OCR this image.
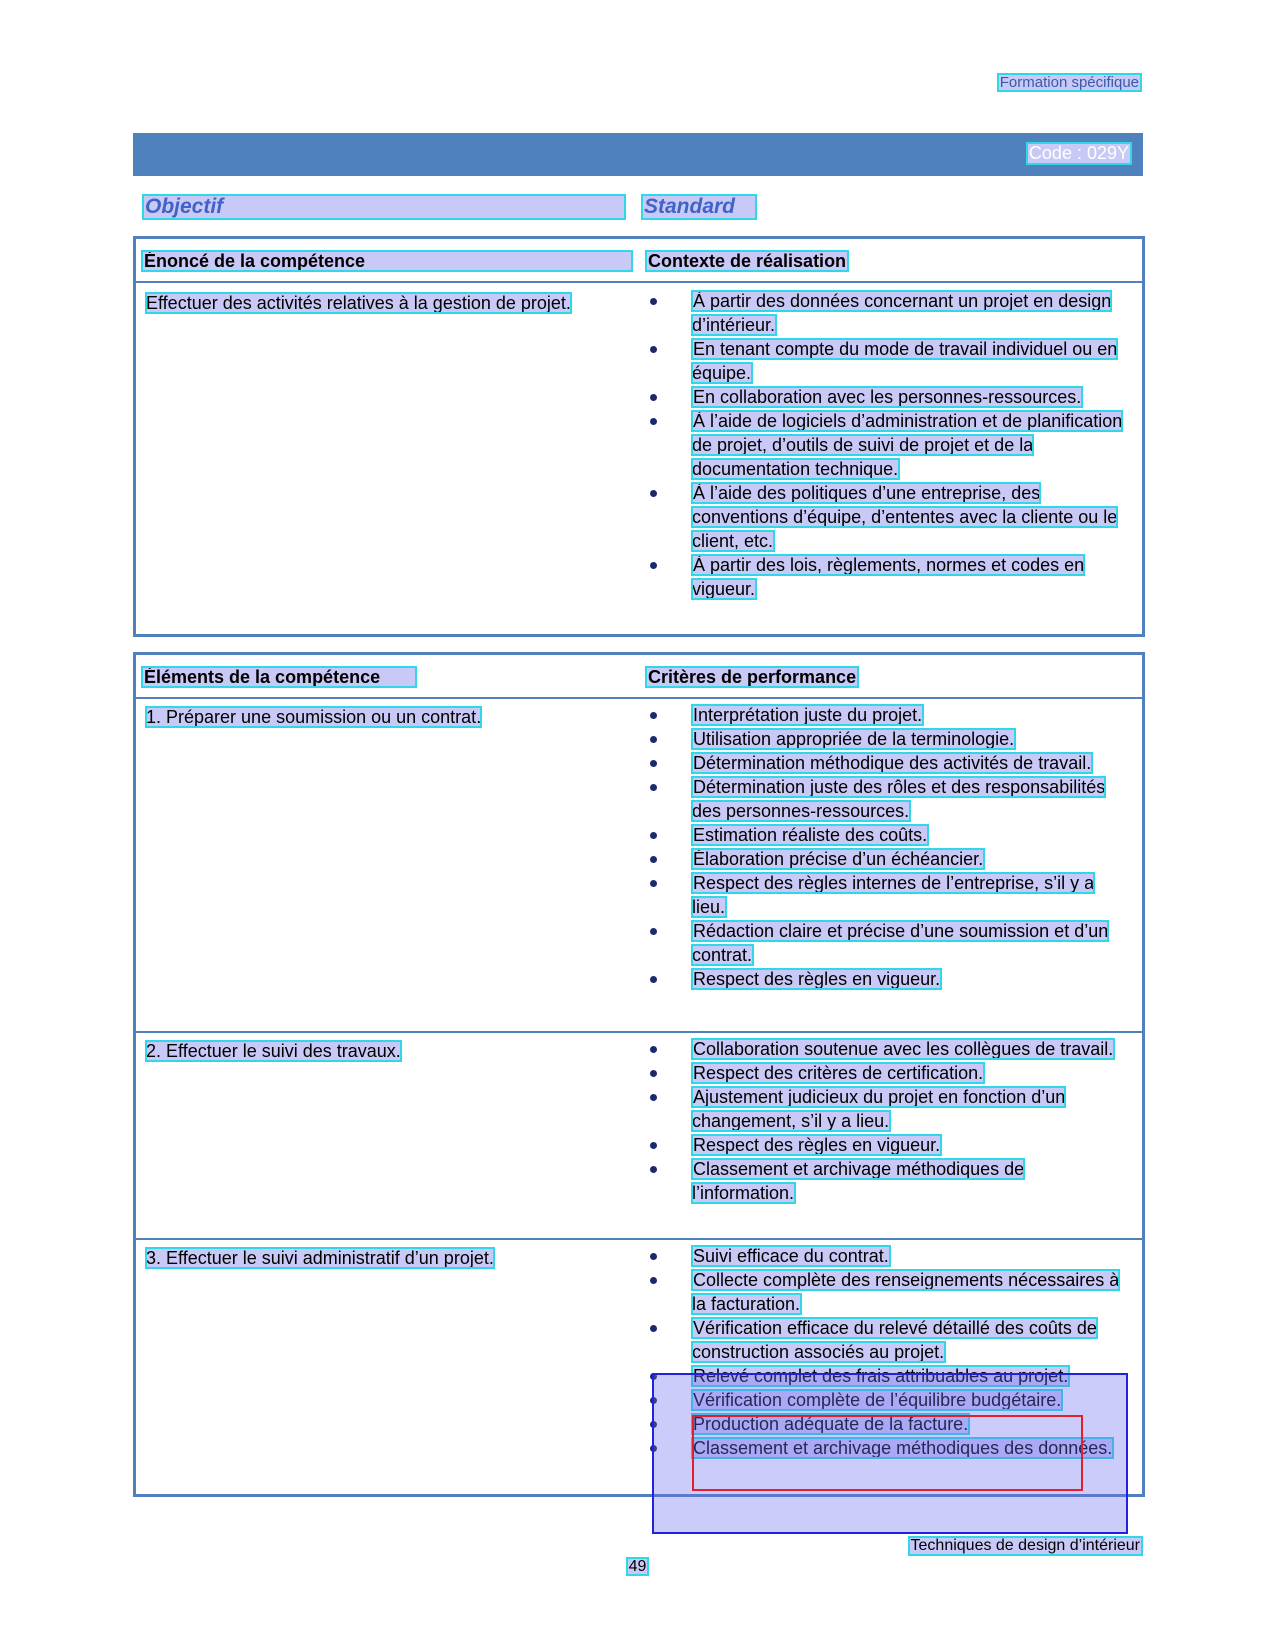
Formation spécifique
Code : 029Y
Objectif	Standard
Énoncé de la compétence	Contexte de réalisation
Effectuer des activités relatives à la gestion de projet.	À partir des données concernant un projet en design d’intérieur.
En tenant compte du mode de travail individuel ou en équipe.
En collaboration avec les personnes-ressources.
À l’aide de logiciels d’administration et de planification de projet, d’outils de suivi de projet et de la documentation technique.
À l’aide des politiques d’une entreprise, des conventions d’équipe, d’ententes avec la cliente ou le client, etc.
À partir des lois, règlements, normes et codes en vigueur.
Éléments de la compétence	Critères de performance
1. Préparer une soumission ou un contrat.	Interprétation juste du projet.
Utilisation appropriée de la terminologie.
Détermination méthodique des activités de travail.
Détermination juste des rôles et des responsabilités des personnes-ressources.
Estimation réaliste des coûts.
Élaboration précise d’un échéancier.
Respect des règles internes de l’entreprise, s’il y a lieu.
Rédaction claire et précise d’une soumission et d’un contrat.
Respect des règles en vigueur.
2. Effectuer le suivi des travaux.	Collaboration soutenue avec les collègues de travail.
Respect des critères de certification.
Ajustement judicieux du projet en fonction d’un changement, s’il y a lieu.
Respect des règles en vigueur.
Classement et archivage méthodiques de l’information.
3. Effectuer le suivi administratif d’un projet.	Suivi efficace du contrat.
Collecte complète des renseignements nécessaires à la facturation.
Vérification efficace du relevé détaillé des coûts de construction associés au projet.
Relevé complet des frais attribuables au projet.
Vérification complète de l’équilibre budgétaire.
Production adéquate de la facture.
Classement et archivage méthodiques des données.
Techniques de design d’intérieur
49
